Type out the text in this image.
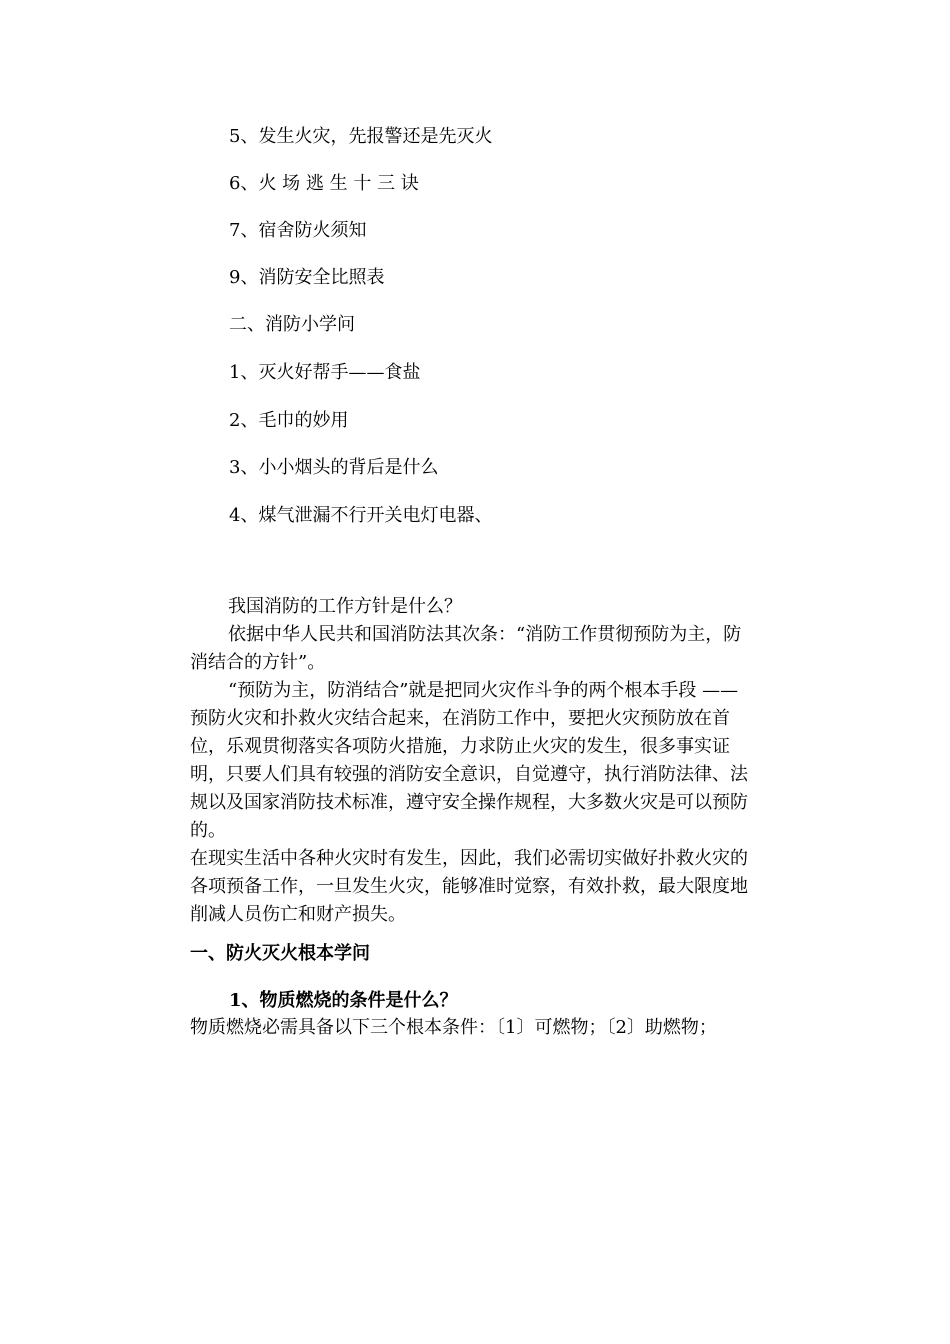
5、发生火灾，先报警还是先灭火
6、火 场 逃 生 十 三 诀
7、宿舍防火须知
9、消防安全比照表
二、消防小学问
1、灭火好帮手——食盐
2、毛巾的妙用
3、小小烟头的背后是什么
4、煤气泄漏不行开关电灯电器、

我国消防的工作方针是什么？

依据中华人民共和国消防法其次条：“消防工作贯彻预防为主，防消结合的方针”。

“预防为主，防消结合”就是把同火灾作斗争的两个根本手段 —— 预防火灾和扑救火灾结合起来，在消防工作中，要把火灾预防放在首位，乐观贯彻落实各项防火措施，力求防止火灾的发生，很多事实证明，只要人们具有较强的消防安全意识，自觉遵守，执行消防法律、法规以及国家消防技术标准，遵守安全操作规程，大多数火灾是可以预防的。

在现实生活中各种火灾时有发生，因此，我们必需切实做好扑救火灾的各项预备工作，一旦发生火灾，能够准时觉察，有效扑救，最大限度地削减人员伤亡和财产损失。

一、防火灭火根本学问
1、物质燃烧的条件是什么？

物质燃烧必需具备以下三个根本条件：〔1〕可燃物；〔2〕助燃物；
